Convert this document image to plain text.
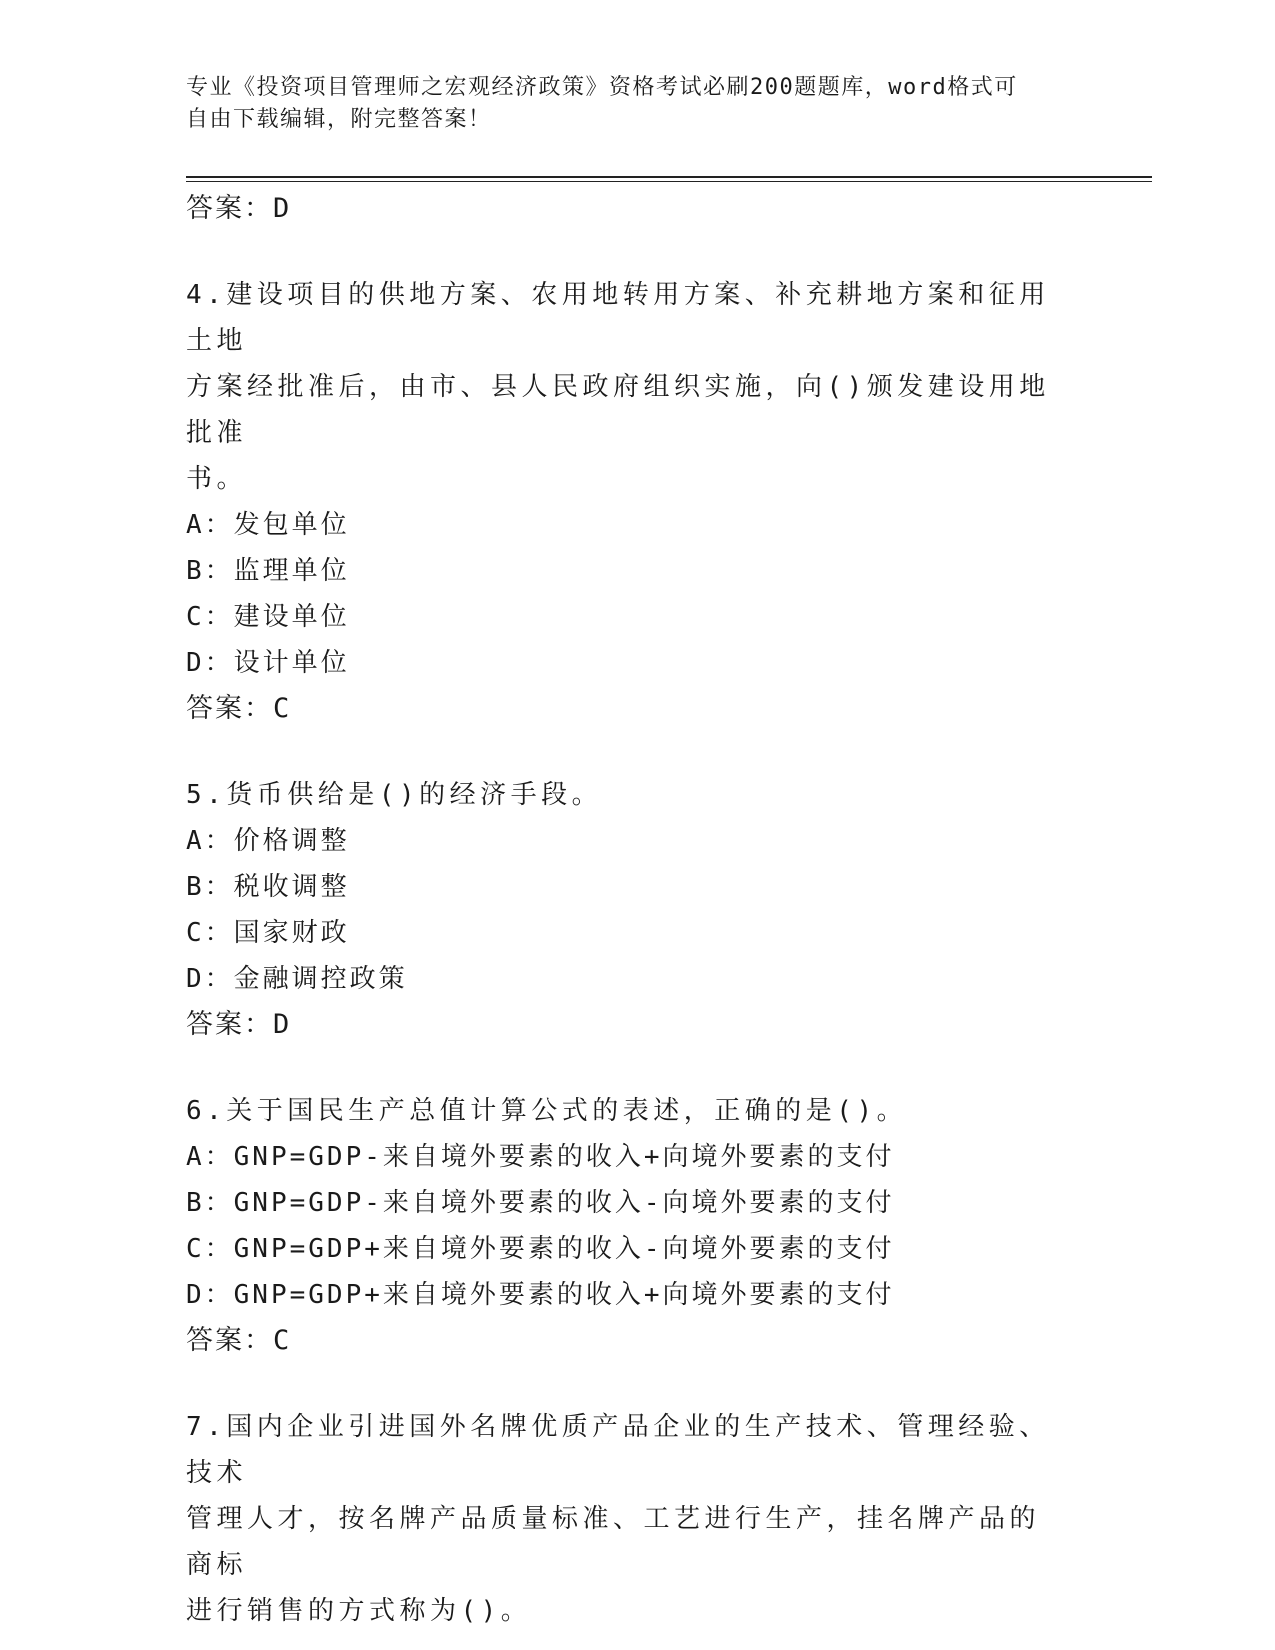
专业《投资项目管理师之宏观经济政策》资格考试必刷200题题库，word格式可
自由下载编辑，附完整答案！

答案：D

4.建设项目的供地方案、农用地转用方案、补充耕地方案和征用土地

方案经批准后，由市、县人民政府组织实施，向()颁发建设用地批准

书。

A：发包单位

B：监理单位

C：建设单位

D：设计单位

答案：C

5.货币供给是()的经济手段。

A：价格调整

B：税收调整

C：国家财政

D：金融调控政策

答案：D

6.关于国民生产总值计算公式的表述，正确的是()。

A：GNP=GDP-来自境外要素的收入+向境外要素的支付

B：GNP=GDP-来自境外要素的收入-向境外要素的支付

C：GNP=GDP+来自境外要素的收入-向境外要素的支付

D：GNP=GDP+来自境外要素的收入+向境外要素的支付

答案：C

7.国内企业引进国外名牌优质产品企业的生产技术、管理经验、技术

管理人才，按名牌产品质量标准、工艺进行生产，挂名牌产品的商标

进行销售的方式称为()。
